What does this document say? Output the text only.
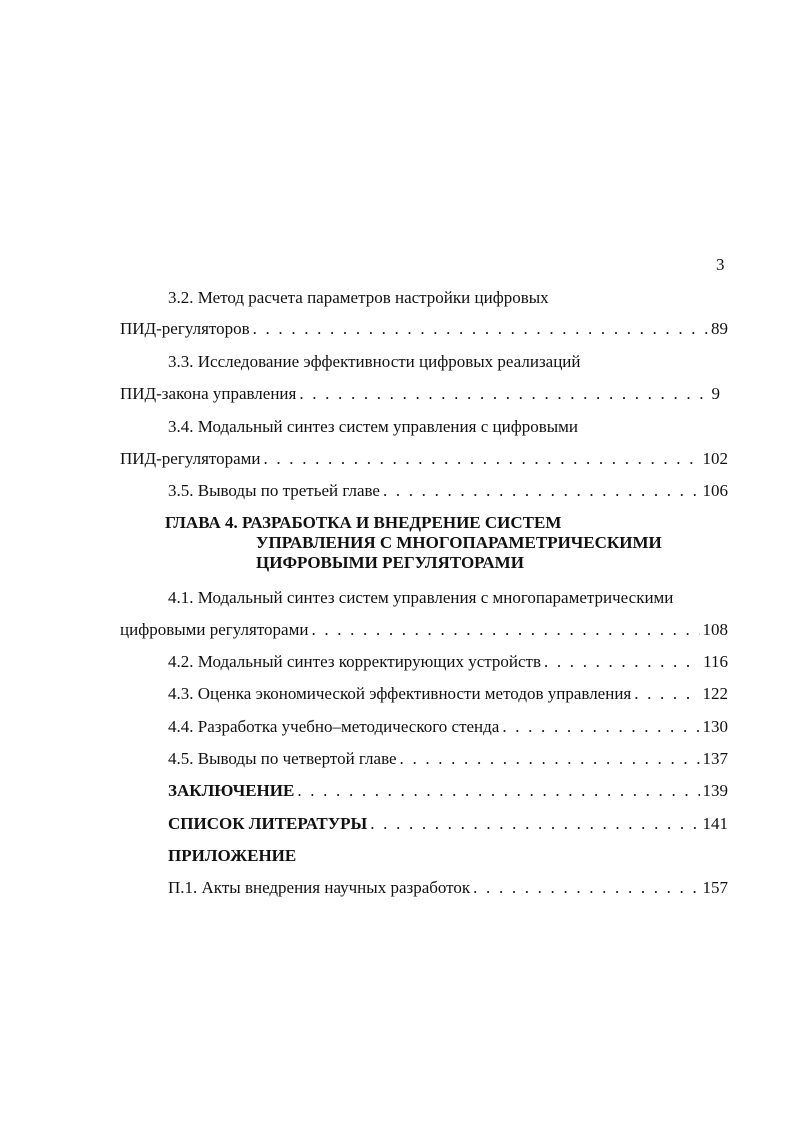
3
3.2. Метод расчета параметров настройки цифровых
ПИД-регуляторов . . .	89
3.3. Исследование эффективности цифровых реализаций
ПИД-закона управления . . .	9
3.4. Модальный синтез систем управления с цифровыми
ПИД-регуляторами . . .	102
3.5. Выводы по третьей главе . . .	106
ГЛАВА 4. РАЗРАБОТКА И ВНЕДРЕНИЕ СИСТЕМ
УПРАВЛЕНИЯ С МНОГОПАРАМЕТРИЧЕСКИМИ
ЦИФРОВЫМИ РЕГУЛЯТОРАМИ
4.1. Модальный синтез систем управления с многопараметрическими
цифровыми регуляторами . . .	108
4.2. Модальный синтез корректирующих устройств . . .	116
4.3. Оценка экономической эффективности методов управления . . .	122
4.4. Разработка учебно–методического стенда . . .	130
4.5. Выводы по четвертой главе . . .	137
ЗАКЛЮЧЕНИЕ . . .	139
СПИСОК ЛИТЕРАТУРЫ . . .	141
ПРИЛОЖЕНИЕ
П.1. Акты внедрения научных разработок . . .	157
